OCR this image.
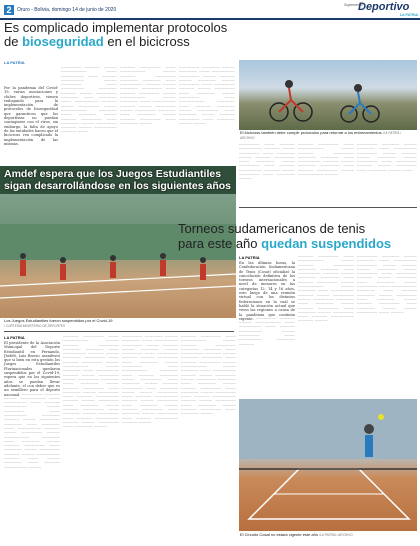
2	Oruro - Bolivia, domingo 14 de junio de 2020
Suplemento
Deportivo
LA PATRIA
Es complicado implementar protocolos
de bioseguridad en el bicicross
LA PATRIA
Por la pandemia del Covid-19, varias asociaciones y clubes deportivos, vienen trabajando para la implementación de protocolos de bioseguridad que garanticen que los deportistas no puedan contagiarse con el virus, sin embargo, la falta de apoyo de las entidades hacen que el bicicross vea complicado la implementación de las mismas.
──────── ────── ───── ────────── ──── ───────── ──── ────── ───────── ───── ──────── ──── ───────── ─────── ────── ───── ──────── ─────── ──── ─────── ──── ───────── ────── ───── ──────── ───── ────────── ─────── ──── ─────── ───── ────── ──────── ──── ─────── ───── ──────── ────── ───── ───────── ────── ────
────── ──────── ──── ────────── ───── ────── ──────── ─────── ─────── ──── ───────── ────── ───── ─────── ──────── ──── ────── ──────── ───── ────────── ───── ─────── ──── ───────── ────── ───── ──────── ───── ──────── ─────── ──── ─────── ───── ────── ──────── ──── ─────── ─────
──────── ─────── ───── ─────── ──── ───────── ──────── ───── ────── ───── ─────── ───── ──────── ──── ──────── ────── ───── ──────── ──── ─────── ───── ──────── ──── ────────── ─────── ──── ────── ─────── ───── ──────── ──── ─────── ───── ────── ──────── ──── ─────── ───── ─────
El bicicross también debe cumplir protocolos para retornar a los entrenamientos /LA PATRIA / ARCHIVO
──────── ──── ────── ───────── ────── ───── ──────── ──── ─────── ───── ────── ──────── ──── ─────── ───── ──────── ──── ────── ───────── ────── ───── ──────── ──── ─────── ─────
────── ──────── ──── ────────── ───── ────── ──────── ─────── ─────── ──── ───────── ────── ───── ─────── ──────── ──── ────── ──────── ───── ────────── ─────
──────── ─────── ───── ─────── ──── ───────── ──────── ───── ────── ───── ─────── ───── ──────── ──── ──────── ────── ───── ──────── ──── ─────── ───── ────
Amdef espera que los Juegos Estudiantiles
sigan desarrollándose en los siguientes años
Los Juegos Estudiantiles fueron suspendidos por el Covid-19
/ CORTESÍA MINISTERIO DE DEPORTES
LA PATRIA
El presidente de la Asociación Municipal del Deporte Estudiantil en Fernando, Jhefelt, Luis Rivero, manifestó que si bien en esta gestión los Juegos Estudiantiles Plurinacionales quedaron suspendidos por el Covid-19, espera que en los siguientes años se puedan llevar adelante, el con deber que es un semillero para el deporte nacional. ──────── ────── ───── ────────── ──── ───────── ──── ────── ───────── ───── ──────── ──── ───────── ─────── ────── ───── ──────── ─────── ──── ─────── ──── ───────── ────── ───── ──────── ───── ────────── ─────── ──── ─────── ───── ────── ──────── ──── ─────── ───── ──────── ────── ───── ───────── ────── ──── ───── ─────── ──── ────── ───────── ─────
────── ──────── ──── ────────── ───── ────── ──────── ─────── ─────── ──── ───────── ────── ───── ─────── ──────── ──── ────── ──────── ───── ────────── ───── ─────── ──── ───────── ────── ───── ──────── ───── ──────── ─────── ──── ─────── ───── ────── ──────── ──── ─────── ───── ──────── ──── ────── ───────── ────── ───── ──────── ──── ─────── ───── ────── ──────── ──── ─────── ───── ──────── ──── ────── ───────── ────── ───── ──────── ──── ─────── ─────
──────── ─────── ───── ─────── ──── ───────── ──────── ───── ────── ───── ─────── ───── ──────── ──── ──────── ────── ───── ──────── ──── ─────── ───── ──────── ──── ────────── ─────── ──── ────── ─────── ───── ──────── ──── ─────── ───── ────── ──────── ──── ─────── ───── ───── ──────── ──── ────── ───────── ────── ───── ──────── ──── ─────── ───── ────── ──────── ──── ─────── ───── ──────── ──── ────── ───────── ────── ─────
────── ──────── ──── ────────── ───── ────── ──────── ─────── ─────── ──── ───────── ────── ───── ─────── ──────── ──── ────── ──────── ───── ────────── ───── ─────── ──── ───────── ────── ───── ──────── ───── ──────── ─────── ──── ─────── ───── ────── ──────── ──── ─────── ───── ──────── ──── ────── ───────── ────── ───── ──────── ──── ─────── ───── ────── ──────── ──── ─────── ─────
Torneos sudamericanos de tenis
para este año quedan suspendidos
LA PATRIA
En las últimas horas, la Confederación Sudamericana de Tenis (Cosat) oficializó la cancelación definitiva de los torneos internacionales a nivel de menores en las categorías 12, 14 y 16 años, esto luego de una reunión virtual con los distintos federaciones en la cual se habló la situación actual que viven las regiones a causa de la pandemia que continúa vigente. ──────── ────── ───── ────────── ──── ───────── ──── ────── ───────── ───── ──────── ──── ───────── ─────── ──────
────── ──────── ──── ────────── ───── ────── ──────── ─────── ─────── ──── ───────── ────── ───── ─────── ──────── ──── ────── ──────── ───── ────────── ───── ─────── ──── ───────── ────── ───── ──────── ───── ──────── ─────── ──── ─────── ───── ────── ──────── ──── ─────── ───── ──────── ──── ────── ───────── ────── ─────
──────── ─────── ───── ─────── ──── ───────── ──────── ───── ────── ───── ─────── ───── ──────── ──── ──────── ────── ───── ──────── ──── ─────── ───── ──────── ──── ────────── ─────── ──── ────── ─────── ───── ──────── ──── ─────── ───── ────── ──────── ──── ─────── ───── ───── ──────── ──── ─────
El Circuito Cosat no estará vigente este año /LA PATRIA / ARCHIVO
